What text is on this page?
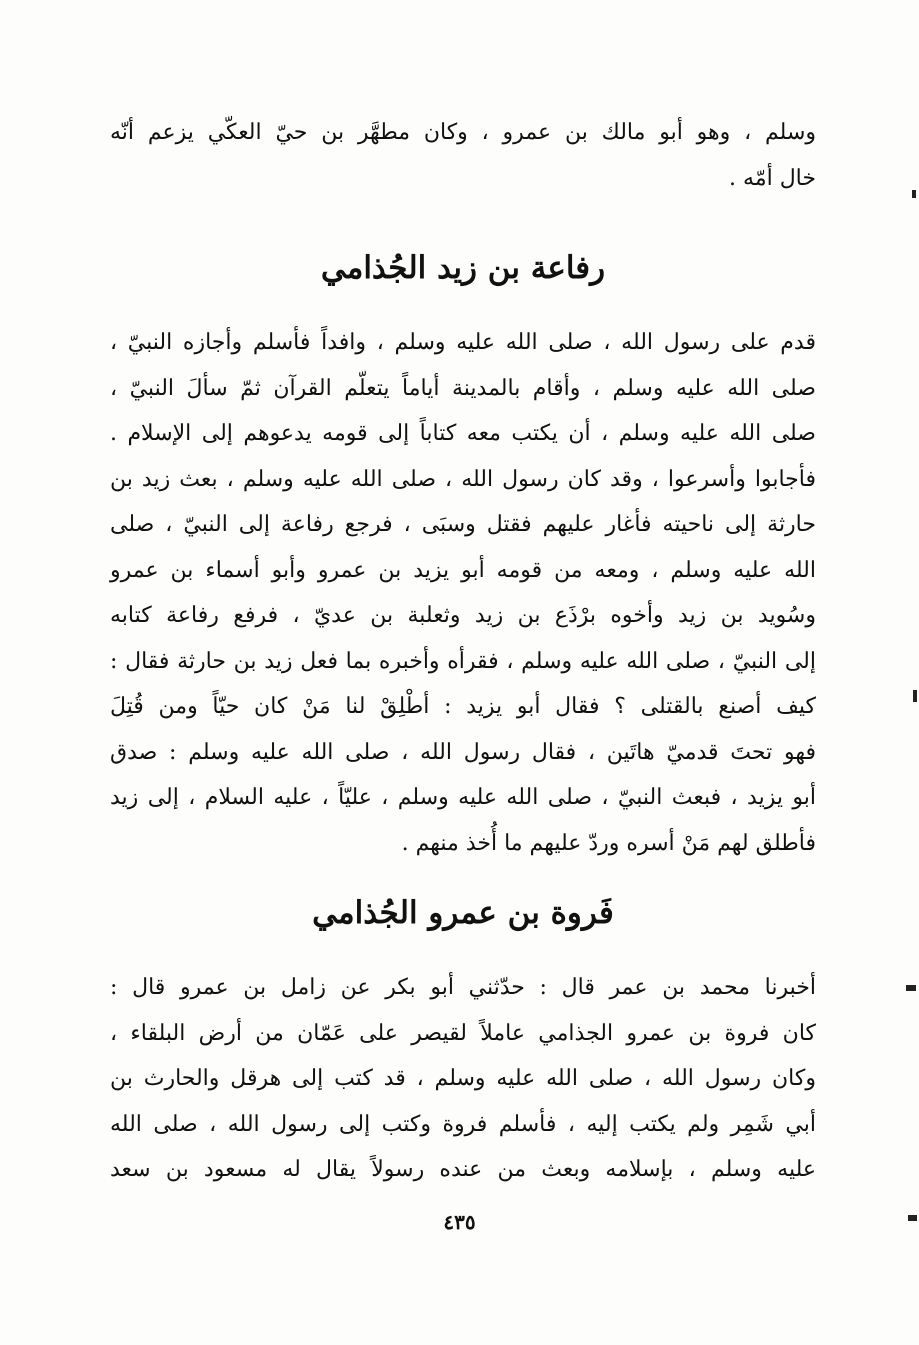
وسلم ، وهو أبو مالك بن عمرو ، وكان مطهَّر بن حيّ العكّي يزعم أنّه
خال أمّه .
رفاعة بن زيد الجُذامي
قدم على رسول الله ، صلى الله عليه وسلم ، وافداً فأسلم وأجازه النبيّ ،
صلى الله عليه وسلم ، وأقام بالمدينة أياماً يتعلّم القرآن ثمّ سألَ النبيّ ،
صلى الله عليه وسلم ، أن يكتب معه كتاباً إلى قومه يدعوهم إلى الإسلام .
فأجابوا وأسرعوا ، وقد كان رسول الله ، صلى الله عليه وسلم ، بعث زيد بن
حارثة إلى ناحيته فأغار عليهم فقتل وسبَى ، فرجع رفاعة إلى النبيّ ، صلى
الله عليه وسلم ، ومعه من قومه أبو يزيد بن عمرو وأبو أسماء بن عمرو
وسُويد بن زيد وأخوه برْذَع بن زيد وثعلبة بن عديّ ، فرفع رفاعة كتابه
إلى النبيّ ، صلى الله عليه وسلم ، فقرأه وأخبره بما فعل زيد بن حارثة فقال :
كيف أصنع بالقتلى ؟ فقال أبو يزيد : أطْلِقْ لنا مَنْ كان حيّاً ومن قُتِلَ
فهو تحتَ قدميّ هاتَين ، فقال رسول الله ، صلى الله عليه وسلم : صدق
أبو يزيد ، فبعث النبيّ ، صلى الله عليه وسلم ، عليّاً ، عليه السلام ، إلى زيد
فأطلق لهم مَنْ أسره وردّ عليهم ما أُخذ منهم .
فَروة بن عمرو الجُذامي
أخبرنا محمد بن عمر قال : حدّثني أبو بكر عن زامل بن عمرو قال :
كان فروة بن عمرو الجذامي عاملاً لقيصر على عَمّان من أرض البلقاء ،
وكان رسول الله ، صلى الله عليه وسلم ، قد كتب إلى هرقل والحارث بن
أبي شَمِر ولم يكتب إليه ، فأسلم فروة وكتب إلى رسول الله ، صلى الله
عليه وسلم ، بإسلامه وبعث من عنده رسولاً يقال له مسعود بن سعد
٤٣٥
